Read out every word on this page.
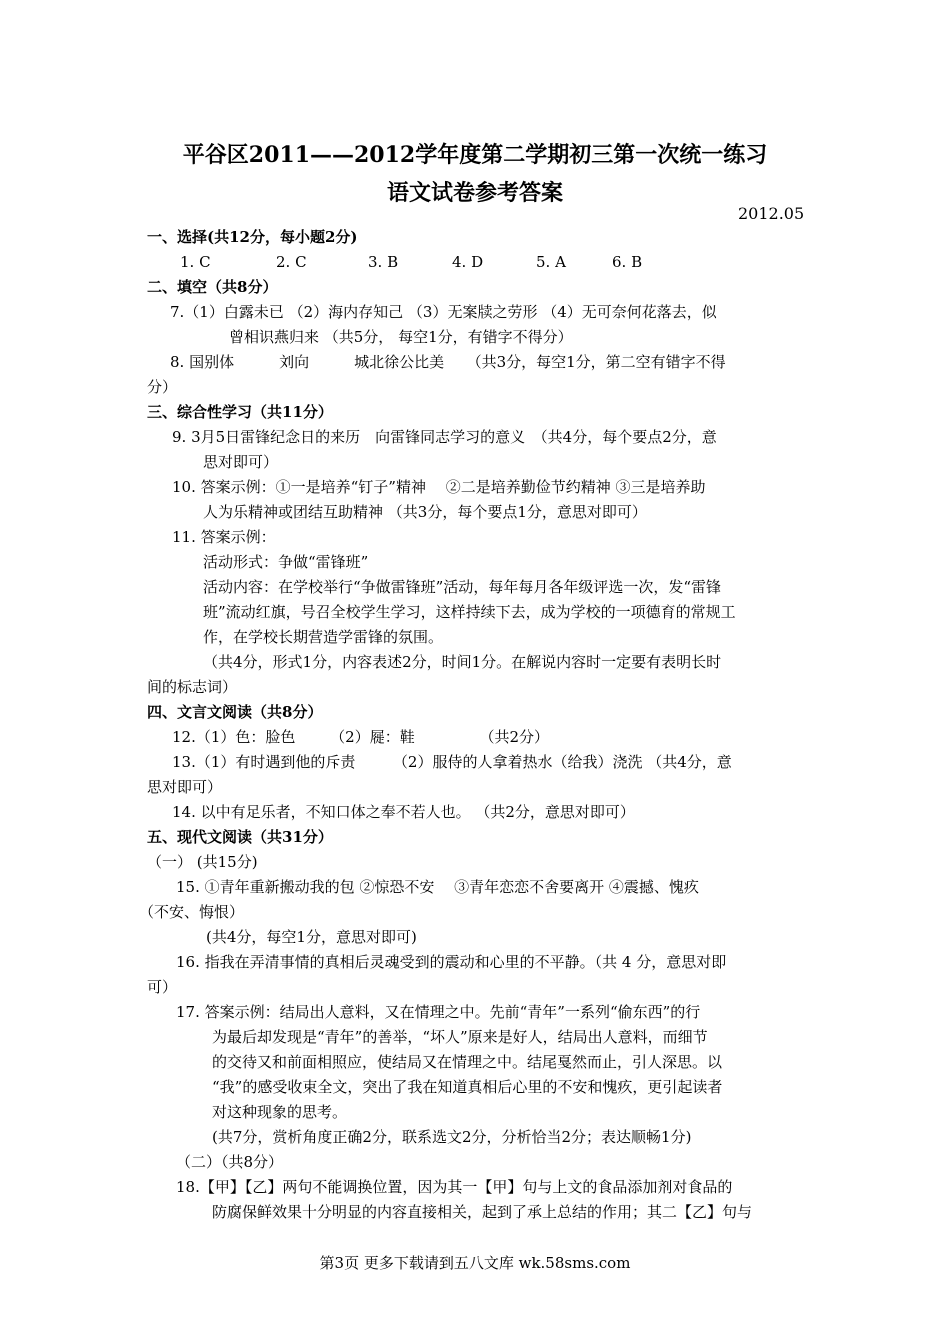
平谷区2011——2012学年度第二学期初三第一次统一练习
语文试卷参考答案
2012.05
一、选择(共12分，每小题2分)
1. C	2. C	3. B	4. D	5. A	6. B
二、填空（共8分）
7.（1）白露未已 （2）海内存知己 （3）无案牍之劳形 （4）无可奈何花落去，似
曾相识燕归来 （共5分， 每空1分，有错字不得分）
8. 国别体　　　刘向　　　城北徐公比美　　（共3分，每空1分，第二空有错字不得
分）
三、综合性学习（共11分）
9. 3月5日雷锋纪念日的来历　向雷锋同志学习的意义　（共4分，每个要点2分，意
思对即可）
10. 答案示例：①一是培养“钉子”精神　 ②二是培养勤俭节约精神 ③三是培养助
人为乐精神或团结互助精神 （共3分，每个要点1分，意思对即可）
11. 答案示例：
活动形式：争做“雷锋班”
活动内容：在学校举行“争做雷锋班”活动，每年每月各年级评选一次，发“雷锋
班”流动红旗，号召全校学生学习，这样持续下去，成为学校的一项德育的常规工
作，在学校长期营造学雷锋的氛围。
（共4分，形式1分，内容表述2分，时间1分。在解说内容时一定要有表明长时
间的标志词）
四、文言文阅读（共8分）
12.（1）色：脸色　　 （2）屣：鞋　　　　 （共2分）
13.（1）有时遇到他的斥责　　　（2）服侍的人拿着热水（给我）浇洗 （共4分，意
思对即可）
14. 以中有足乐者，不知口体之奉不若人也。 （共2分，意思对即可）
五、现代文阅读（共31分）
（一） (共15分)
15. ①青年重新搬动我的包 ②惊恐不安　 ③青年恋恋不舍要离开 ④震撼、愧疚
（不安、悔恨）
(共4分，每空1分，意思对即可)
16. 指我在弄清事情的真相后灵魂受到的震动和心里的不平静。（共 4 分，意思对即
可）
17. 答案示例：结局出人意料，又在情理之中。先前“青年”一系列“偷东西”的行
为最后却发现是“青年”的善举，“坏人”原来是好人，结局出人意料，而细节
的交待又和前面相照应，使结局又在情理之中。结尾戛然而止，引人深思。以
“我”的感受收束全文，突出了我在知道真相后心里的不安和愧疚，更引起读者
对这种现象的思考。
(共7分，赏析角度正确2分，联系选文2分，分析恰当2分；表达顺畅1分)
（二）（共8分）
18.【甲】【乙】两句不能调换位置，因为其一【甲】句与上文的食品添加剂对食品的
防腐保鲜效果十分明显的内容直接相关，起到了承上总结的作用；其二【乙】句与
第3页 更多下载请到五八文库 wk.58sms.com
